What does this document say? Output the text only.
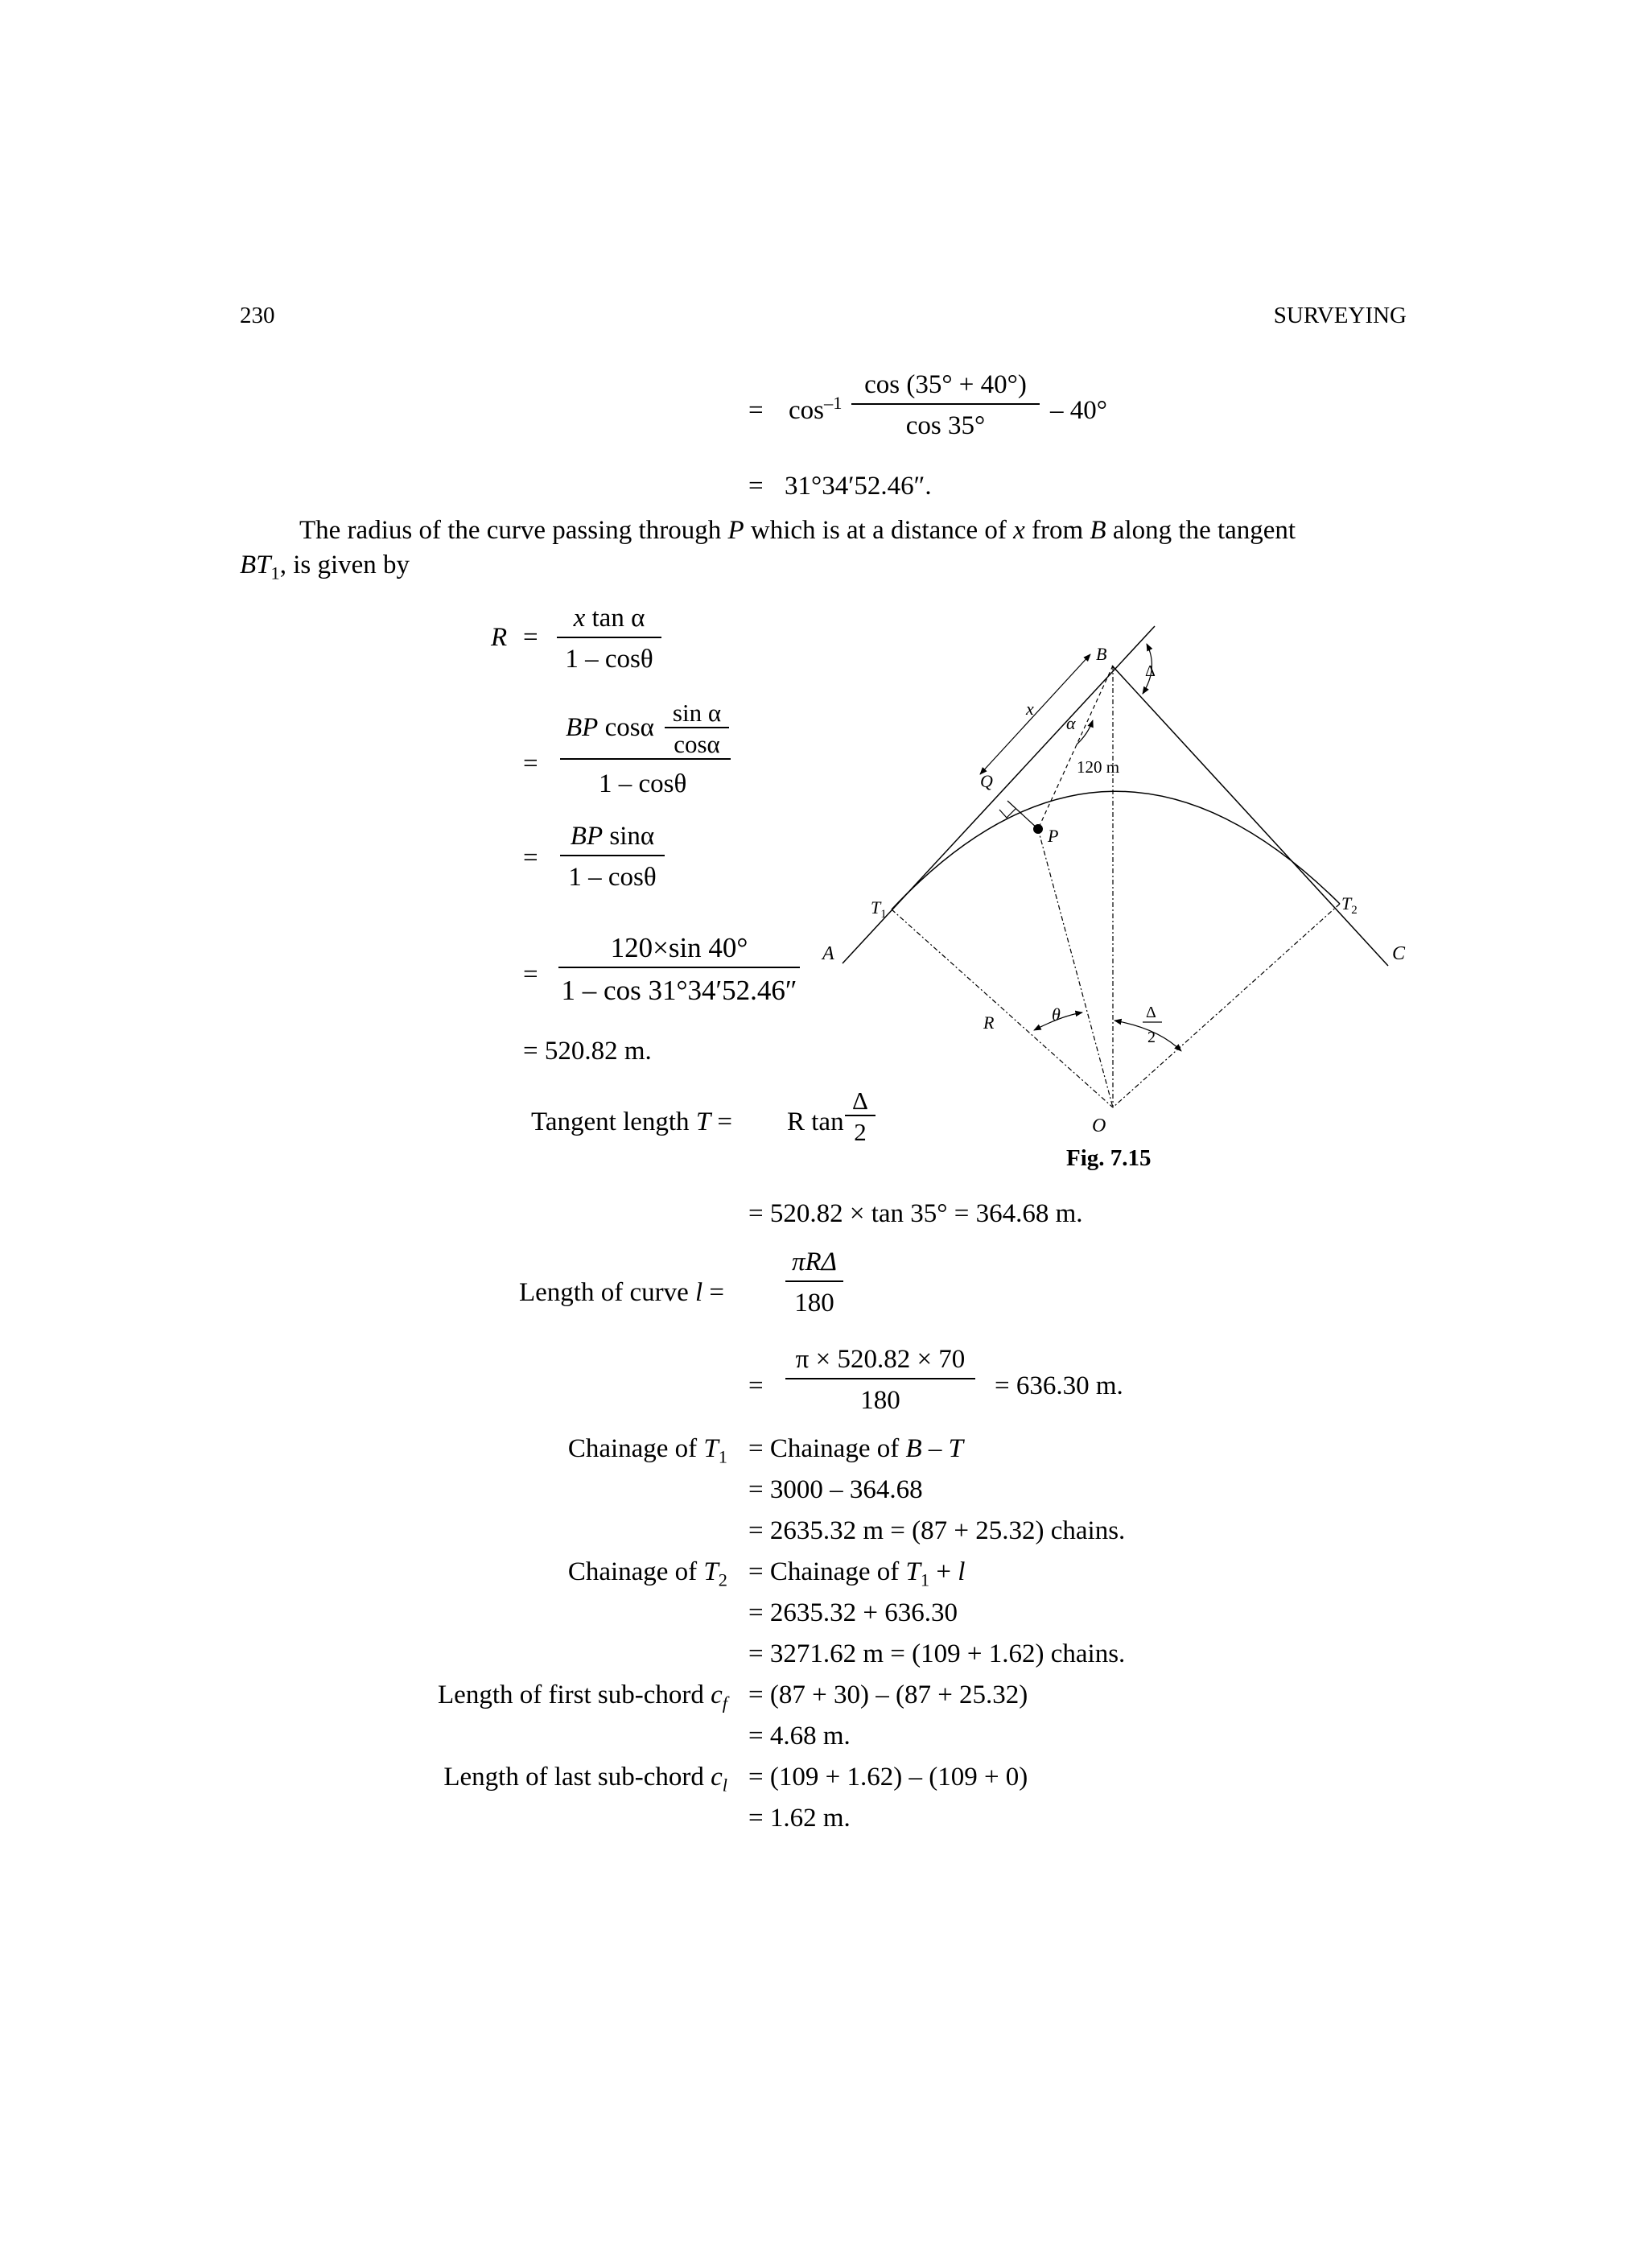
230	SURVEYING
= $\cos^{-1}$
cos (35° + 40°)
cos 35°
– 40°
= 31°34′52.46″.
The radius of the curve passing through P which is at a distance of x from B along the tangent
$BT_1$, is given by
R =
x tan α
1 – cosθ
=
BP cosα
sin α
cosα
1 – cosθ
=
BP sinα
1 – cosθ
=
120×sin 40°
1 – cos 31°34′52.46″
= 520.82 m.
Tangent length T = R tan
Δ
2
= 520.82 × tan 35° = 364.68 m.
Length of curve l =
πRΔ
180
=
π × 520.82 × 70
180	= 636.30 m.
Chainage of $T_1$ = Chainage of B – T
= 3000 – 364.68
= 2635.32 m = (87 + 25.32) chains.
Chainage of $T_2$ = Chainage of $T_1 + l$
= 2635.32 + 636.30
= 3271.62 m = (109 + 1.62) chains.
Length of first sub-chord $c_f = (87 + 30) - (87 + 25.32)$
= 4.68 m.
Length of last sub-chord $c_l = (109 + 1.62) - (109 + 0)$
= 1.62 m.
A
B
C
O
P
Q
$T_1$
$T_2$
x
α
120 m
R	θ
Δ
Δ
2
Fig. 7.15
